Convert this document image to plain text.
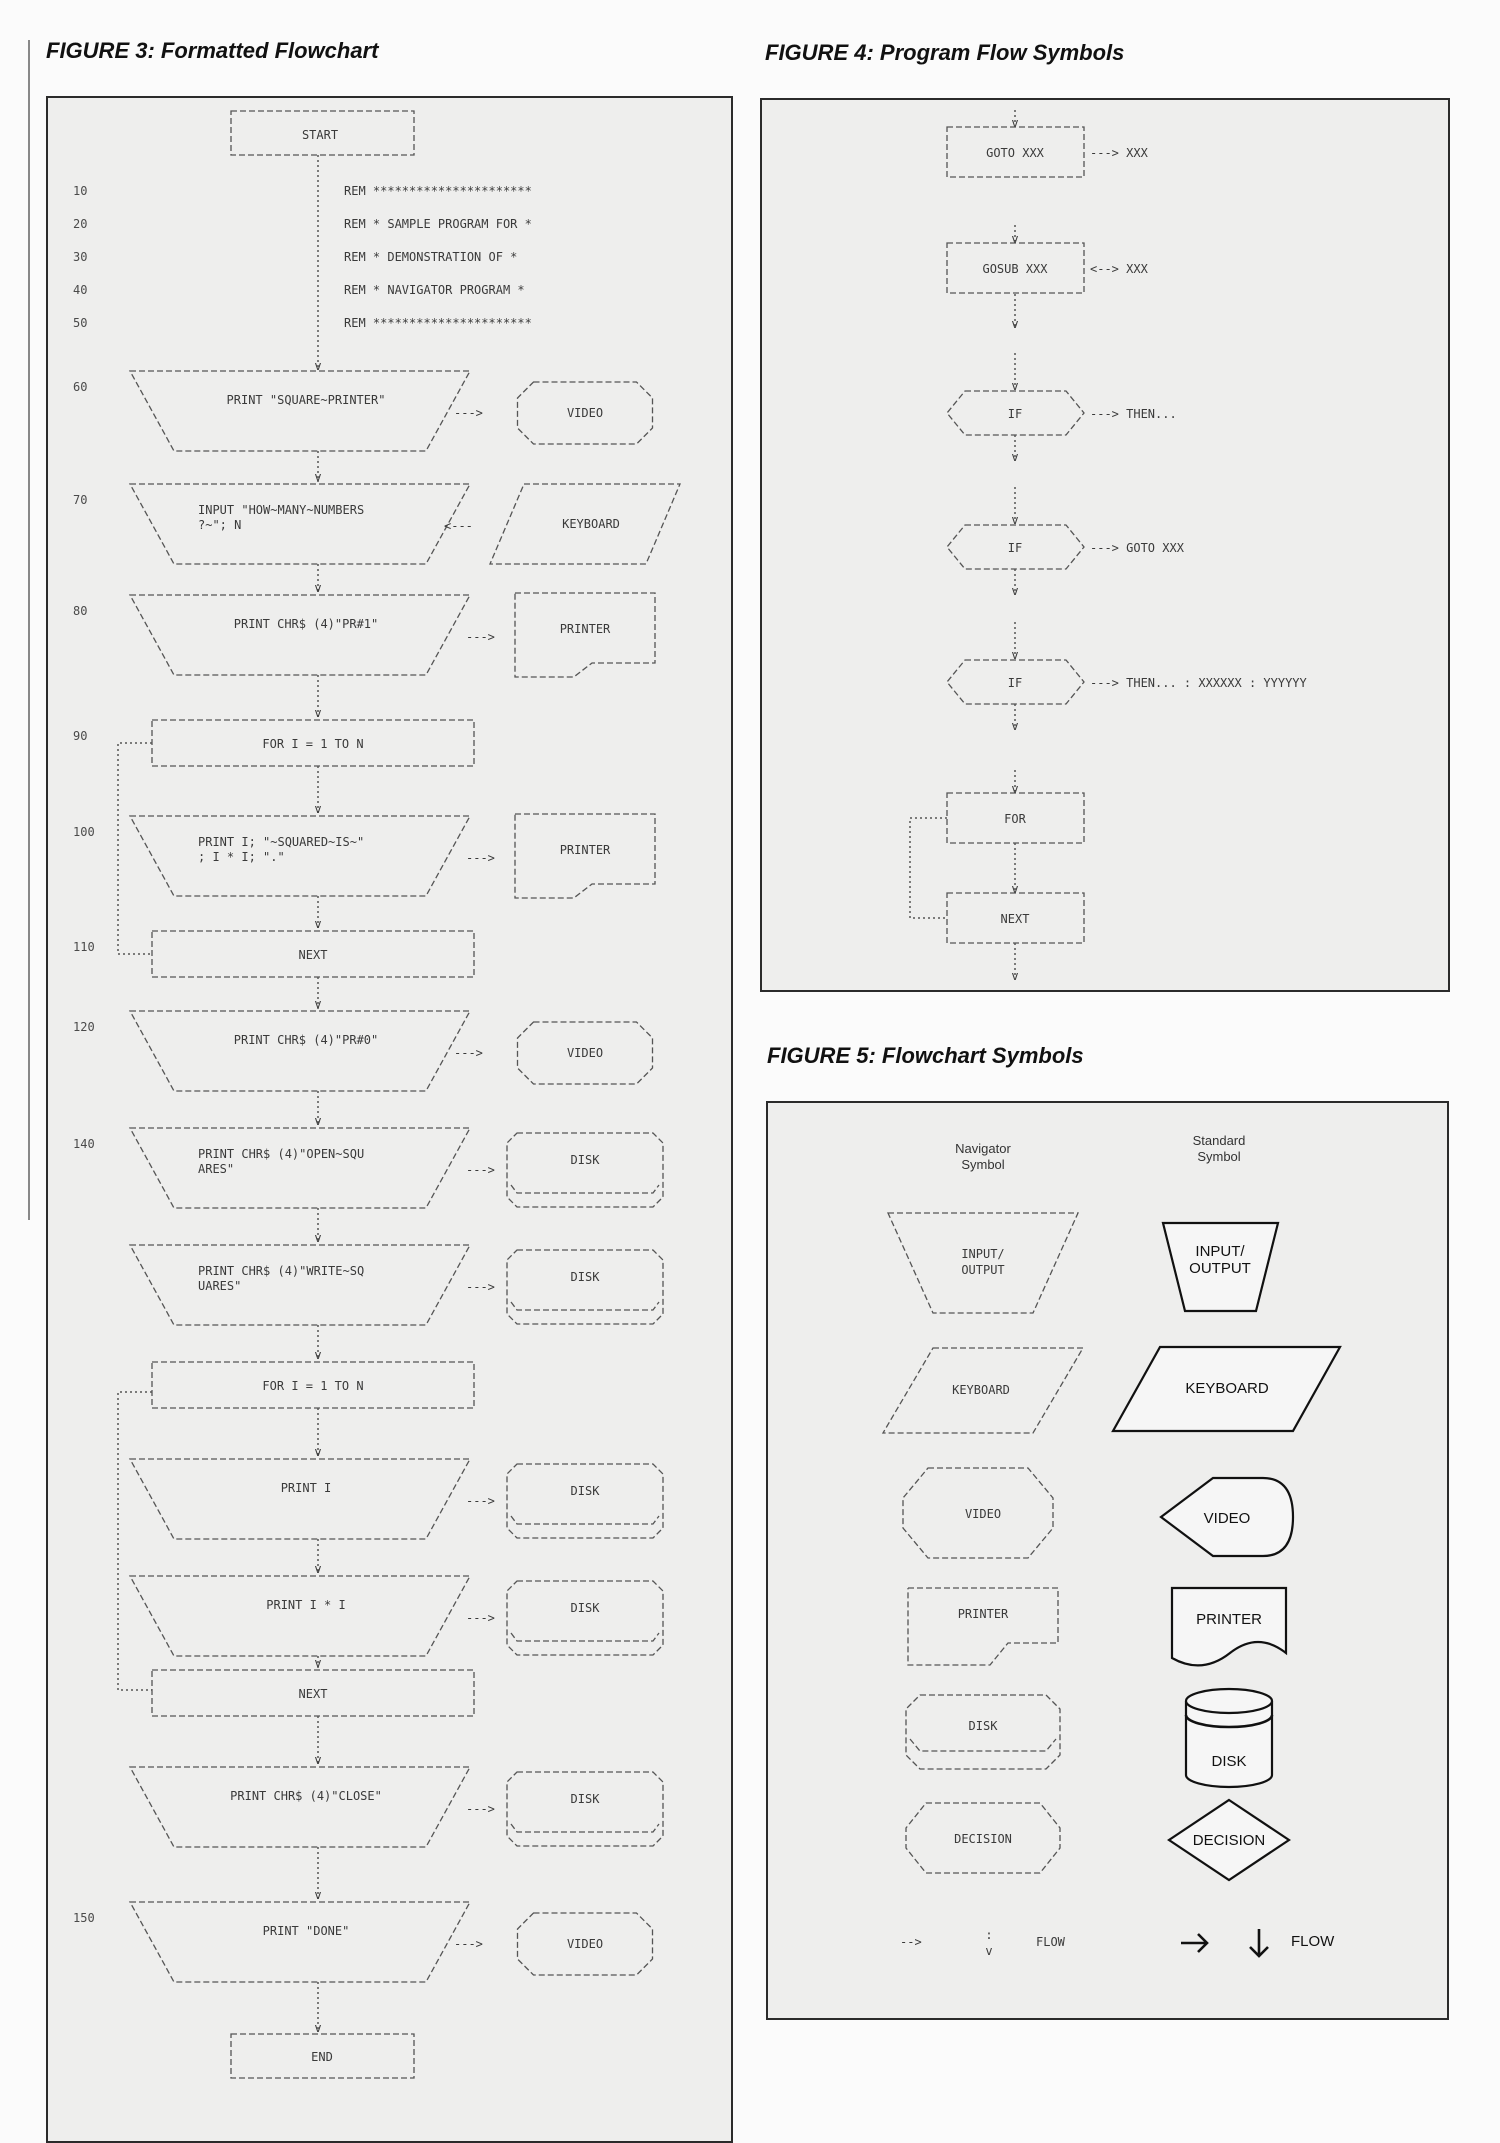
FIGURE 3: Formatted Flowchart	FIGURE 4: Program Flow Symbols
FIGURE 5: Flowchart Symbols
START
10	REM **********************
20	REM * SAMPLE PROGRAM FOR *
30	REM * DEMONSTRATION OF *
40	REM * NAVIGATOR PROGRAM *
50	REM **********************
v
60
PRINT "SQUARE~PRINTER"
--->	VIDEO
70
INPUT "HOW~MANY~NUMBERS
?~"; N	<---	KEYBOARD
80
PRINT CHR$ (4)"PR#1"
--->
PRINTER
90
FOR I = 1 TO N
100
PRINT I; "~SQUARED~IS~"
; I * I; "."	--->
PRINTER
110
NEXT
120
PRINT CHR$ (4)"PR#0"
--->	VIDEO
140
PRINT CHR$ (4)"OPEN~SQU
ARES"	--->
DISK
PRINT CHR$ (4)"WRITE~SQ
UARES"	--->
DISK
FOR I = 1 TO N
PRINT I
--->
DISK
PRINT I * I
--->
DISK
NEXT
PRINT CHR$ (4)"CLOSE"
--->
DISK
150
PRINT "DONE"
--->	VIDEO
v
v
v
v
v
v
v
v
v
v
v
v
v
v
v
END
v
GOTO XXX	---> XXX
v
GOSUB XXX	<--> XXX
v
v
IF	---> THEN...
v
v
IF	---> GOTO XXX
v
v
IF	---> THEN... : XXXXXX : YYYYYY
v
v
FOR
v
NEXT
v
Navigator
Symbol
Standard
Symbol
INPUT/
OUTPUT
INPUT/
OUTPUT
KEYBOARD	KEYBOARD
VIDEO	VIDEO
PRINTER	PRINTER
DISK
DISK
DECISION	DECISION
-->	:
v
FLOW	FLOW
